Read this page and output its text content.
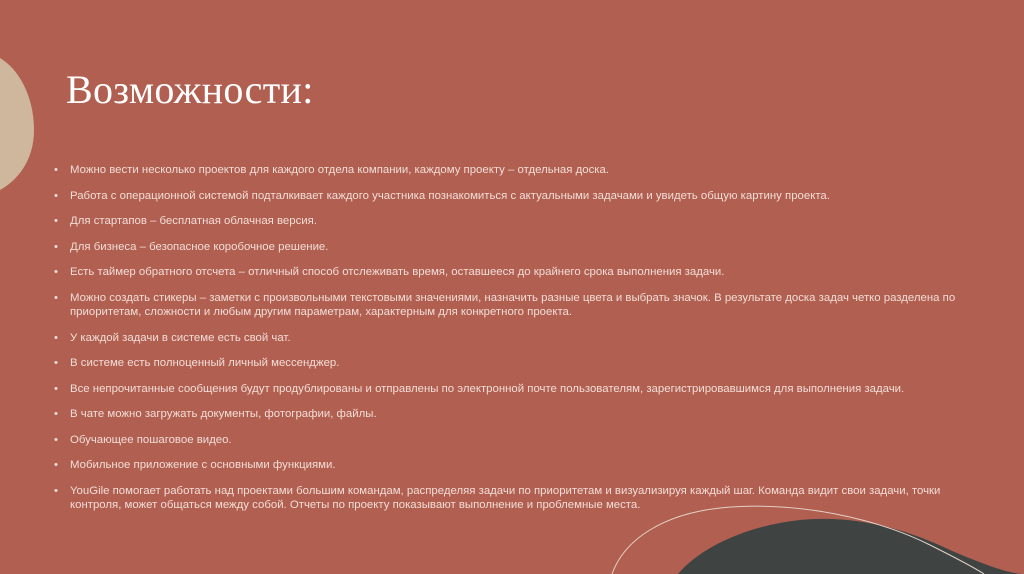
Возможности:
• Можно вести несколько проектов для каждого отдела компании, каждому проекту – отдельная доска.
• Работа с операционной системой подталкивает каждого участника познакомиться с актуальными задачами и увидеть общую картину проекта.
• Для стартапов – бесплатная облачная версия.
• Для бизнеса – безопасное коробочное решение.
• Есть таймер обратного отсчета – отличный способ отслеживать время, оставшееся до крайнего срока выполнения задачи.
• Можно создать стикеры – заметки с произвольными текстовыми значениями, назначить разные цвета и выбрать значок. В результате доска задач четко разделена по приоритетам, сложности и любым другим параметрам, характерным для конкретного проекта.
• У каждой задачи в системе есть свой чат.
• В системе есть полноценный личный мессенджер.
• Все непрочитанные сообщения будут продублированы и отправлены по электронной почте пользователям, зарегистрировавшимся для выполнения задачи.
• В чате можно загружать документы, фотографии, файлы.
• Обучающее пошаговое видео.
• Мобильное приложение с основными функциями.
• YouGile помогает работать над проектами большим командам, распределяя задачи по приоритетам и визуализируя каждый шаг. Команда видит свои задачи, точки контроля, может общаться между собой. Отчеты по проекту показывают выполнение и проблемные места.
